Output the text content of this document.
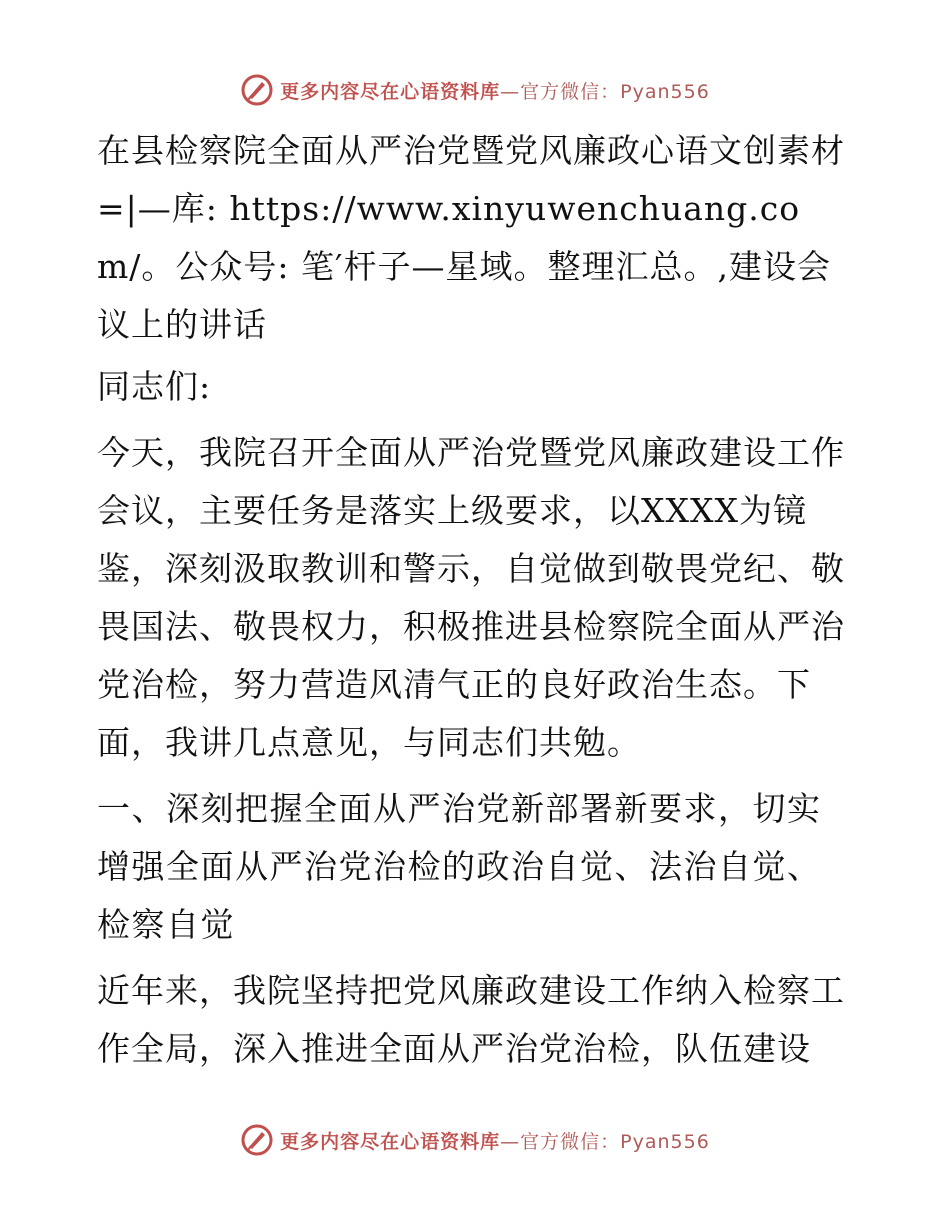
更多内容尽在心语资料库—官方微信：Pyan556

在县检察院全面从严治党暨党风廉政心语文创素材=|—库: https://www.xinyuwenchuang.com/。公众号: 笔′杆子—星域。整理汇总。,建设会议上的讲话

同志们:

今天，我院召开全面从严治党暨党风廉政建设工作会议，主要任务是落实上级要求，以XXXX为镜鉴，深刻汲取教训和警示，自觉做到敬畏党纪、敬畏国法、敬畏权力，积极推进县检察院全面从严治党治检，努力营造风清气正的良好政治生态。下面，我讲几点意见，与同志们共勉。

一、深刻把握全面从严治党新部署新要求，切实增强全面从严治党治检的政治自觉、法治自觉、检察自觉

近年来，我院坚持把党风廉政建设工作纳入检察工作全局，深入推进全面从严治党治检，队伍建设

更多内容尽在心语资料库—官方微信：Pyan556
